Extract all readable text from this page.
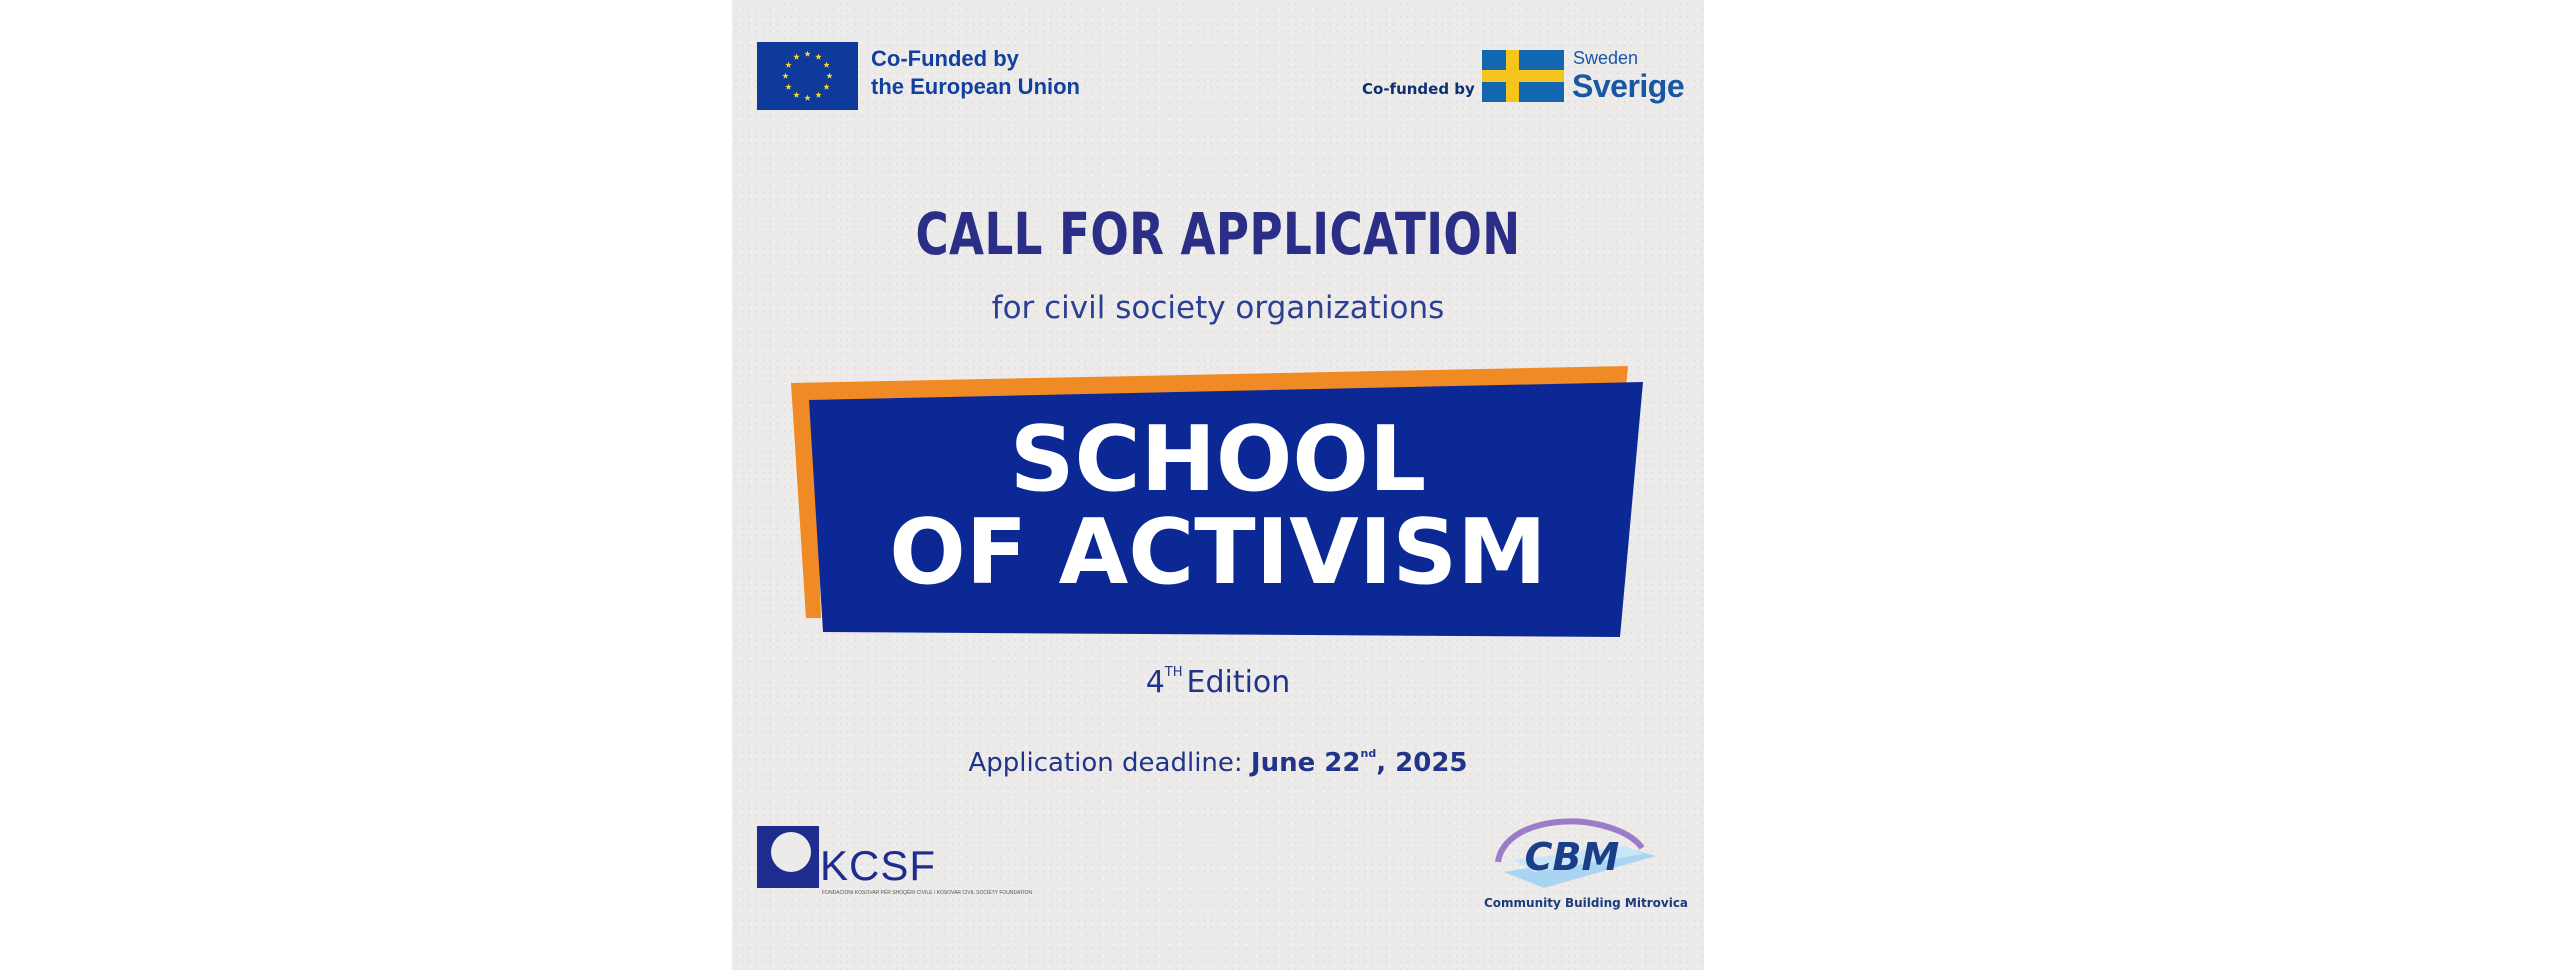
Co-Funded by
the European Union	Co-funded by
Sweden
Sverige
CALL FOR APPLICATION
for civil society organizations
SCHOOL
OF ACTIVISM
4TH Edition
Application deadline: June 22nd, 2025
KCSF
FONDACIONI KOSOVAR PËR SHOQËRI CIVILE / KOSOVAR CIVIL SOCIETY FOUNDATION
CBM
Community Building Mitrovica
